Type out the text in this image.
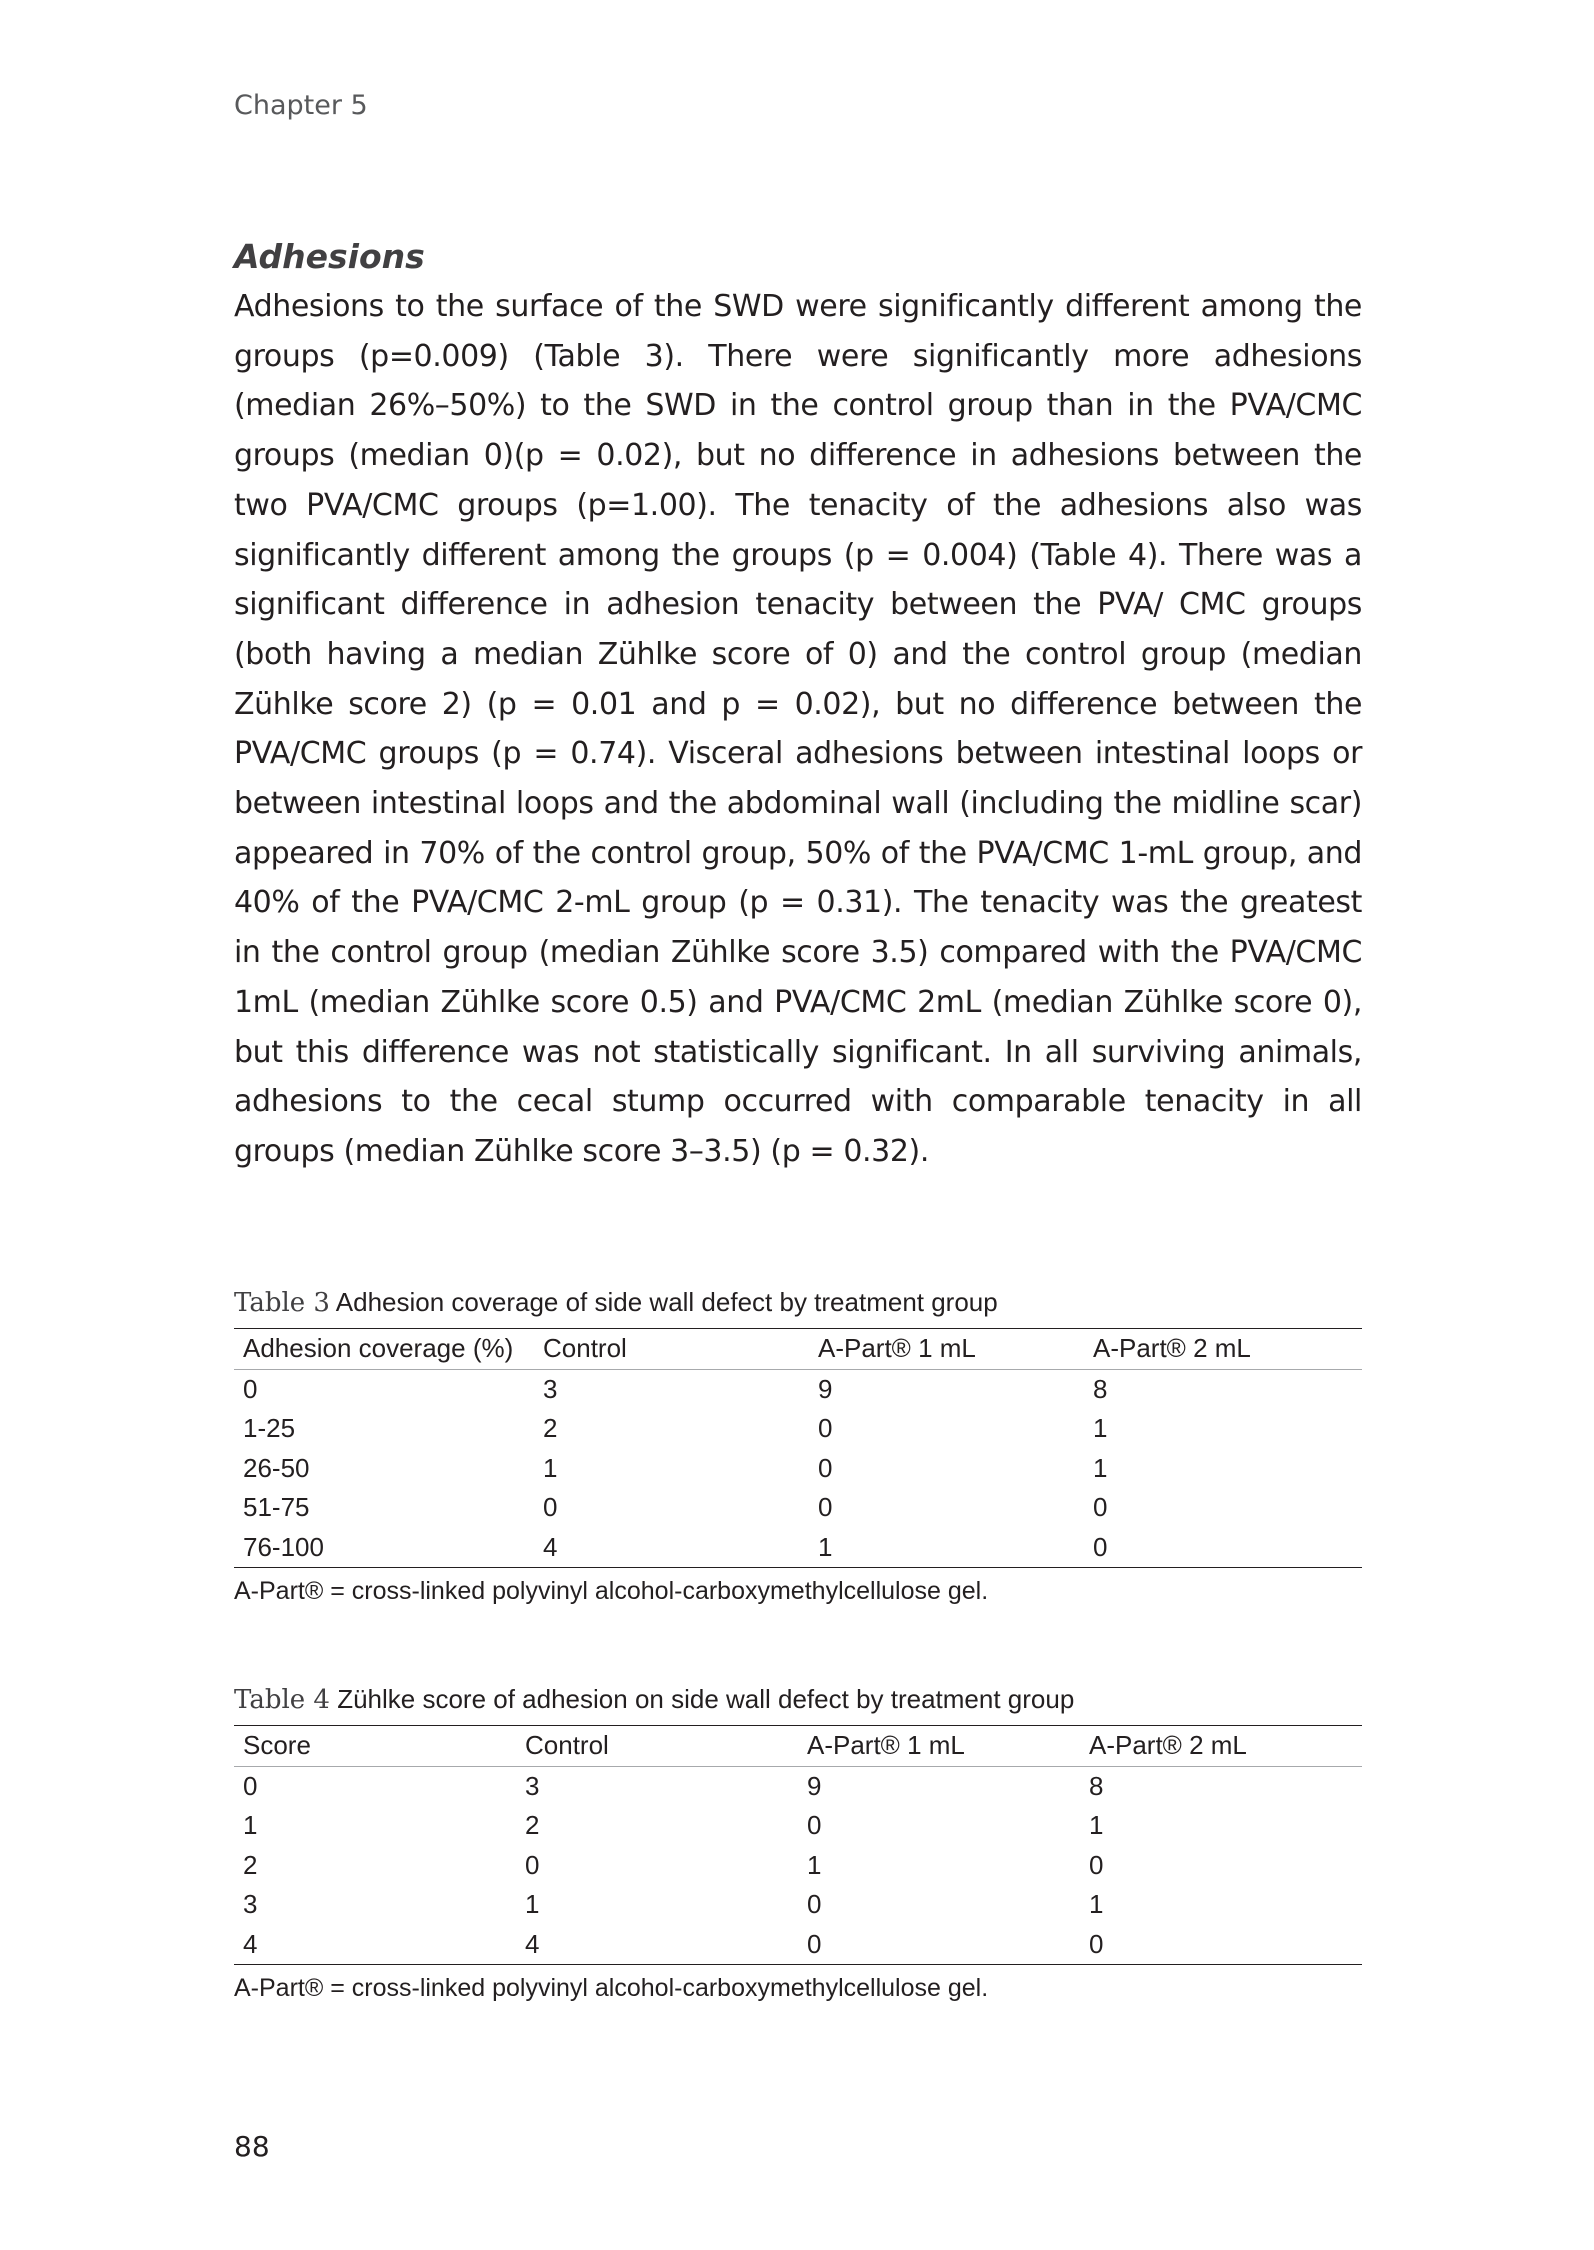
Chapter 5

Adhesions

Adhesions to the surface of the SWD were significantly different among the groups (p=0.009) (Table 3). There were significantly more adhesions (median 26%–50%) to the SWD in the control group than in the PVA/CMC groups (median 0)(p = 0.02), but no difference in adhesions between the two PVA/CMC groups (p=1.00). The tenacity of the adhesions also was significantly different among the groups (p = 0.004) (Table 4). There was a significant difference in adhesion tenacity between the PVA/ CMC groups (both having a median Zühlke score of 0) and the control group (median Zühlke score 2) (p = 0.01 and p = 0.02), but no difference between the PVA/CMC groups (p = 0.74). Visceral adhesions between intestinal loops or between intestinal loops and the abdominal wall (including the midline scar) appeared in 70% of the control group, 50% of the PVA/CMC 1-mL group, and 40% of the PVA/CMC 2-mL group (p = 0.31). The tenacity was the greatest in the control group (median Zühlke score 3.5) compared with the PVA/CMC 1mL (median Zühlke score 0.5) and PVA/CMC 2mL (median Zühlke score 0), but this difference was not statistically significant. In all surviving animals, adhesions to the cecal stump occurred with comparable tenacity in all groups (median Zühlke score 3–3.5) (p = 0.32).

Table 3 Adhesion coverage of side wall defect by treatment group

Adhesion coverage (%)	Control	A-Part® 1 mL	A-Part® 2 mL
0	3	9	8
1-25	2	0	1
26-50	1	0	1
51-75	0	0	0
76-100	4	1	0

A-Part® = cross-linked polyvinyl alcohol-carboxymethylcellulose gel.

Table 4 Zühlke score of adhesion on side wall defect by treatment group

Score	Control	A-Part® 1 mL	A-Part® 2 mL
0	3	9	8
1	2	0	1
2	0	1	0
3	1	0	1
4	4	0	0

A-Part® = cross-linked polyvinyl alcohol-carboxymethylcellulose gel.

88
